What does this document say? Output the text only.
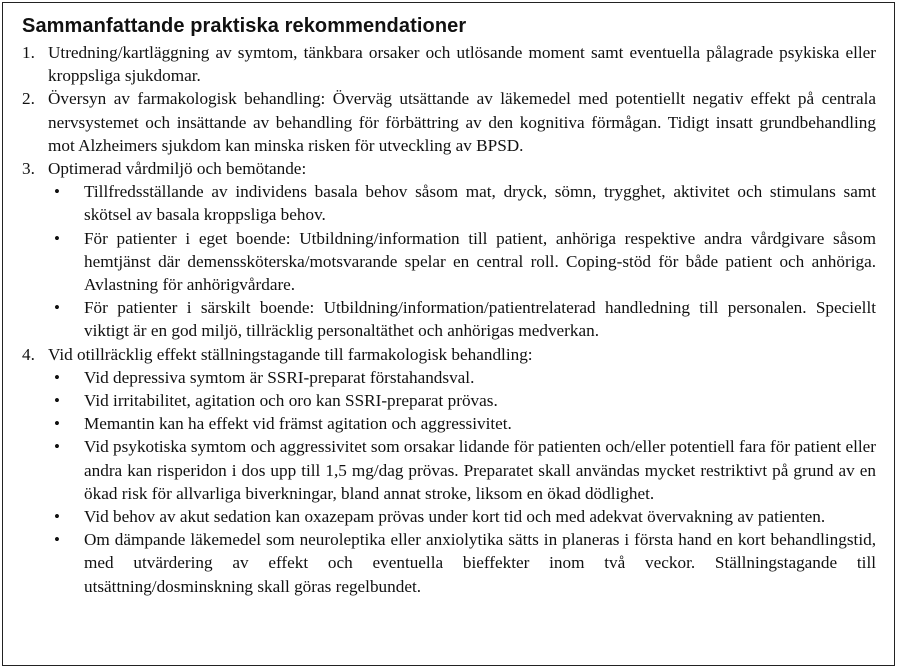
Sammanfattande praktiska rekommendationer
1. Utredning/kartläggning av symtom, tänkbara orsaker och utlösande moment samt eventuella pålagrade psykiska eller kroppsliga sjukdomar.
2. Översyn av farmakologisk behandling: Överväg utsättande av läkemedel med potentiellt negativ effekt på centrala nervsystemet och insättande av behandling för förbättring av den kognitiva förmågan. Tidigt insatt grundbehandling mot Alzheimers sjukdom kan minska risken för utveckling av BPSD.
3. Optimerad vårdmiljö och bemötande:
• Tillfredsställande av individens basala behov såsom mat, dryck, sömn, trygghet, aktivitet och stimulans samt skötsel av basala kroppsliga behov.
• För patienter i eget boende: Utbildning/information till patient, anhöriga respektive andra vårdgivare såsom hemtjänst där demenssköterska/motsvarande spelar en central roll. Coping-stöd för både patient och anhöriga. Avlastning för anhörigvårdare.
• För patienter i särskilt boende: Utbildning/information/patientrelaterad handledning till personalen. Speciellt viktigt är en god miljö, tillräcklig personaltäthet och anhörigas medverkan.
4. Vid otillräcklig effekt ställningstagande till farmakologisk behandling:
• Vid depressiva symtom är SSRI-preparat förstahandsval.
• Vid irritabilitet, agitation och oro kan SSRI-preparat prövas.
• Memantin kan ha effekt vid främst agitation och aggressivitet.
• Vid psykotiska symtom och aggressivitet som orsakar lidande för patienten och/eller potentiell fara för patient eller andra kan risperidon i dos upp till 1,5 mg/dag prövas. Preparatet skall användas mycket restriktivt på grund av en ökad risk för allvarliga biverkningar, bland annat stroke, liksom en ökad dödlighet.
• Vid behov av akut sedation kan oxazepam prövas under kort tid och med adekvat övervakning av patienten.
• Om dämpande läkemedel som neuroleptika eller anxiolytika sätts in planeras i första hand en kort behandlingstid, med utvärdering av effekt och eventuella bieffekter inom två veckor. Ställningstagande till utsättning/dosminskning skall göras regelbundet.
